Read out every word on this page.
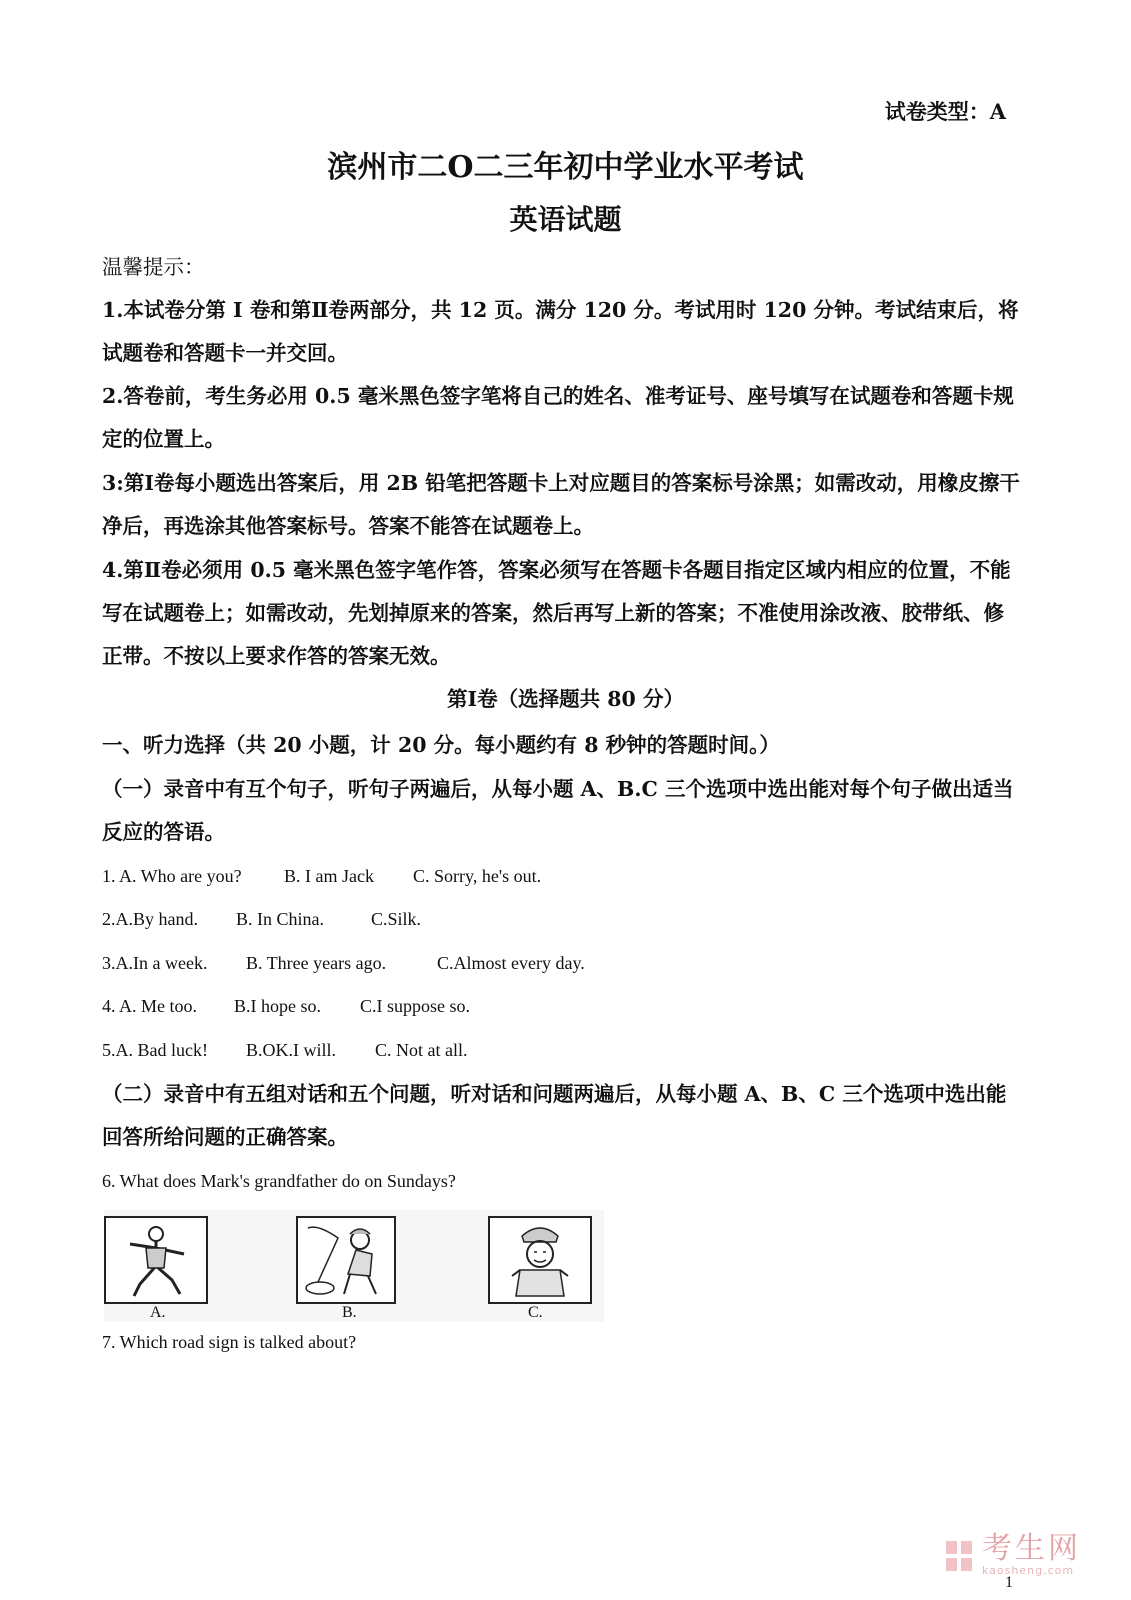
试卷类型：A
滨州市二O二三年初中学业水平考试
英语试题
温馨提示：
1.本试卷分第 I 卷和第Ⅱ卷两部分，共 12 页。满分 120 分。考试用时 120 分钟。考试结束后，将试题卷和答题卡一并交回。
2.答卷前，考生务必用 0.5 毫米黑色签字笔将自己的姓名、准考证号、座号填写在试题卷和答题卡规定的位置上。
3:第Ⅰ卷每小题选出答案后，用 2B 铅笔把答题卡上对应题目的答案标号涂黑；如需改动，用橡皮擦干净后，再选涂其他答案标号。答案不能答在试题卷上。
4.第Ⅱ卷必须用 0.5 毫米黑色签字笔作答，答案必须写在答题卡各题目指定区域内相应的位置，不能写在试题卷上；如需改动，先划掉原来的答案，然后再写上新的答案；不准使用涂改液、胶带纸、修正带。不按以上要求作答的答案无效。
第Ⅰ卷（选择题共 80 分）
一、听力选择（共 20 小题，计 20 分。每小题约有 8 秒钟的答题时间。）
（一）录音中有互个句子，听句子两遍后，从每小题 A、B.C 三个选项中选出能对每个句子做出适当反应的答语。
1. A. Who are you? B. I am Jack C. Sorry, he's out.
2.A.By hand. B. In China.	C.Silk.
3.A.In a week. B. Three years ago.	C.Almost every day.
4. A. Me too. B.I hope so. C.I suppose so.
5.A. Bad luck! B.OK.I will. C. Not at all.
（二）录音中有五组对话和五个问题，听对话和问题两遍后，从每小题 A、B、C 三个选项中选出能回答所给问题的正确答案。
6. What does Mark's grandfather do on Sundays?
A.	B.	C.
7. Which road sign is talked about?
考生网
kaosheng.com
1
